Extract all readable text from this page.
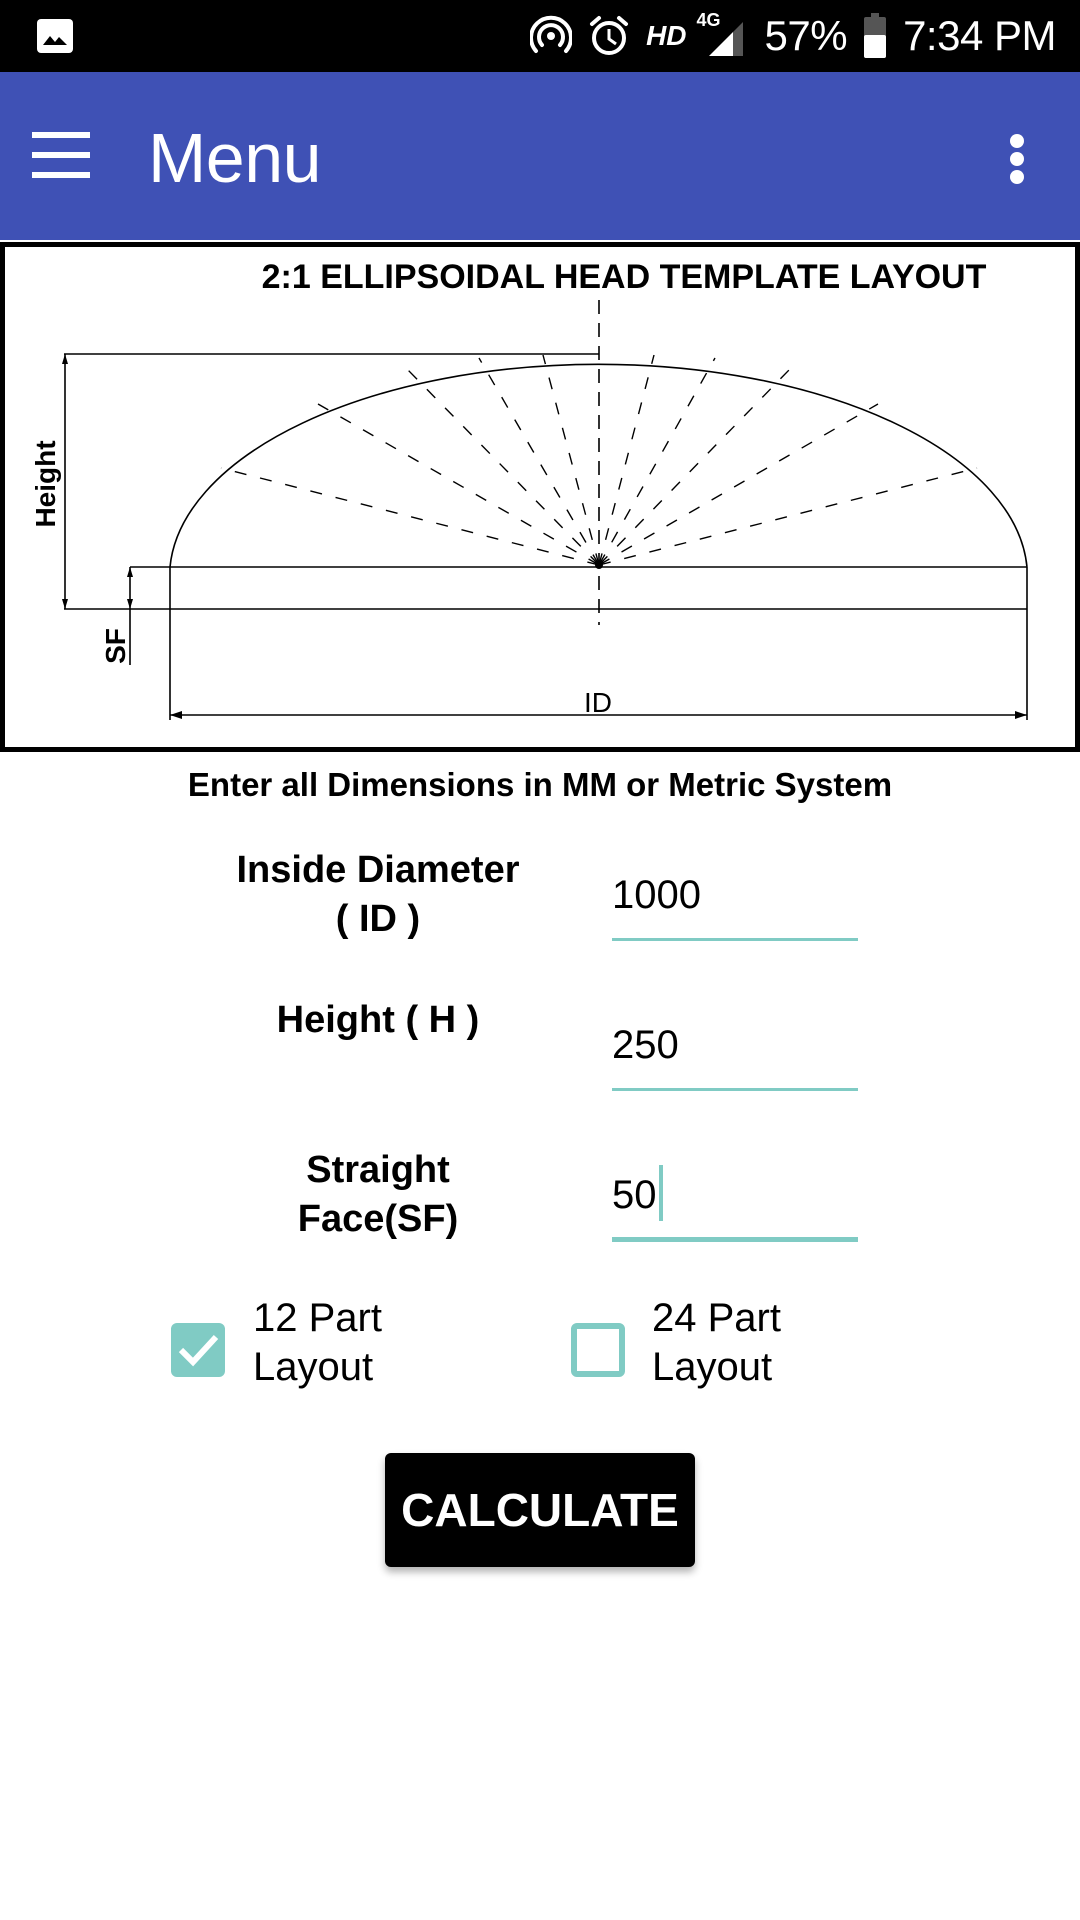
HD 4G 57% 7:34 PM
Menu
2:1 ELLIPSOIDAL HEAD TEMPLATE LAYOUT
Height
SF
ID
Enter all Dimensions in MM or Metric System
Inside Diameter
( ID )
1000
Height ( H )
250
Straight
Face(SF)
50
12 Part
Layout
24 Part
Layout
CALCULATE
